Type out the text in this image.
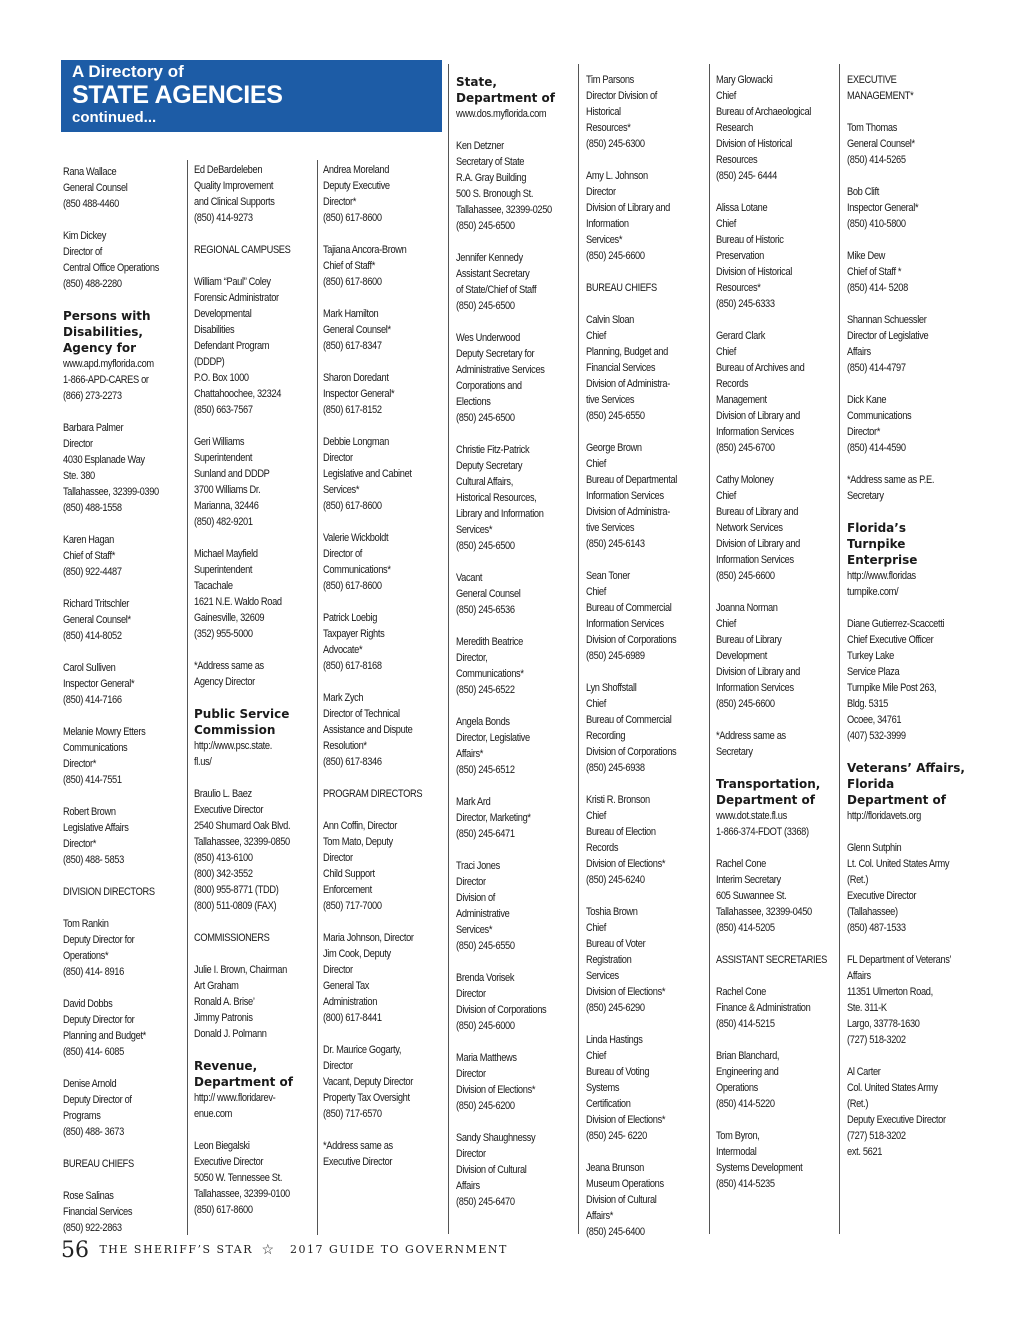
A Directory of
STATE AGENCIES
continued...
Rana Wallace
General Counsel
(850 488-4460
Kim Dickey
Director of
Central Office Operations
(850) 488-2280
Persons with
Disabilities,
Agency for
www.apd.myflorida.com
1-866-APD-CARES or
(866) 273-2273
Barbara Palmer
Director
4030 Esplanade Way
Ste. 380
Tallahassee, 32399-0390
(850) 488-1558
Karen Hagan
Chief of Staff*
(850) 922-4487
Richard Tritschler
General Counsel*
(850) 414-8052
Carol Sulliven
Inspector General*
(850) 414-7166
Melanie Mowry Etters
Communications
Director*
(850) 414-7551
Robert Brown
Legislative Affairs
Director*
(850) 488- 5853
DIVISION DIRECTORS
Tom Rankin
Deputy Director for
Operations*
(850) 414- 8916
David Dobbs
Deputy Director for
Planning and Budget*
(850) 414- 6085
Denise Arnold
Deputy Director of
Programs
(850) 488- 3673
BUREAU CHIEFS
Rose Salinas
Financial Services
(850) 922-2863
Ed DeBardeleben
Quality Improvement
and Clinical Supports
(850) 414-9273
REGIONAL CAMPUSES
William “Paul” Coley
Forensic Administrator
Developmental
Disabilities
Defendant Program
(DDDP)
P.O. Box 1000
Chattahoochee, 32324
(850) 663-7567
Geri Williams
Superintendent
Sunland and DDDP
3700 Williams Dr.
Marianna, 32446
(850) 482-9201
Michael Mayfield
Superintendent
Tacachale
1621 N.E. Waldo Road
Gainesville, 32609
(352) 955-5000
*Address same as
Agency Director
Public Service
Commission
http://www.psc.state.
fl.us/
Braulio L. Baez
Executive Director
2540 Shumard Oak Blvd.
Tallahassee, 32399-0850
(850) 413-6100
(800) 342-3552
(800) 955-8771 (TDD)
(800) 511-0809 (FAX)
COMMISSIONERS
Julie I. Brown, Chairman
Art Graham
Ronald A. Brise’
Jimmy Patronis
Donald J. Polmann
Revenue,
Department of
http:// www.floridarev-
enue.com
Leon Biegalski
Executive Director
5050 W. Tennessee St.
Tallahassee, 32399-0100
(850) 617-8600
Andrea Moreland
Deputy Executive
Director*
(850) 617-8600
Tajiana Ancora-Brown
Chief of Staff*
(850) 617-8600
Mark Hamilton
General Counsel*
(850) 617-8347
Sharon Doredant
Inspector General*
(850) 617-8152
Debbie Longman
Director
Legislative and Cabinet
Services*
(850) 617-8600
Valerie Wickboldt
Director of
Communications*
(850) 617-8600
Patrick Loebig
Taxpayer Rights
Advocate*
(850) 617-8168
Mark Zych
Director of Technical
Assistance and Dispute
Resolution*
(850) 617-8346
PROGRAM DIRECTORS
Ann Coffin, Director
Tom Mato, Deputy
Director
Child Support
Enforcement
(850) 717-7000
Maria Johnson, Director
Jim Cook, Deputy
Director
General Tax
Administration
(800) 617-8441
Dr. Maurice Gogarty,
Director
Vacant, Deputy Director
Property Tax Oversight
(850) 717-6570
*Address same as
Executive Director
State,
Department of
www.dos.myflorida.com
Ken Detzner
Secretary of State
R.A. Gray Building
500 S. Bronough St.
Tallahassee, 32399-0250
(850) 245-6500
Jennifer Kennedy
Assistant Secretary
of State/Chief of Staff
(850) 245-6500
Wes Underwood
Deputy Secretary for
Administrative Services
Corporations and
Elections
(850) 245-6500
Christie Fitz-Patrick
Deputy Secretary
Cultural Affairs,
Historical Resources,
Library and Information
Services*
(850) 245-6500
Vacant
General Counsel
(850) 245-6536
Meredith Beatrice
Director,
Communications*
(850) 245-6522
Angela Bonds
Director, Legislative
Affairs*
(850) 245-6512
Mark Ard
Director, Marketing*
(850) 245-6471
Traci Jones
Director
Division of
Administrative
Services*
(850) 245-6550
Brenda Vorisek
Director
Division of Corporations
(850) 245-6000
Maria Matthews
Director
Division of Elections*
(850) 245-6200
Sandy Shaughnessy
Director
Division of Cultural
Affairs
(850) 245-6470
Tim Parsons
Director Division of
Historical
Resources*
(850) 245-6300
Amy L. Johnson
Director
Division of Library and
Information
Services*
(850) 245-6600
BUREAU CHIEFS
Calvin Sloan
Chief
Planning, Budget and
Financial Services
Division of Administra-
tive Services
(850) 245-6550
George Brown
Chief
Bureau of Departmental
Information Services
Division of Administra-
tive Services
(850) 245-6143
Sean Toner
Chief
Bureau of Commercial
Information Services
Division of Corporations
(850) 245-6989
Lyn Shoffstall
Chief
Bureau of Commercial
Recording
Division of Corporations
(850) 245-6938
Kristi R. Bronson
Chief
Bureau of Election
Records
Division of Elections*
(850) 245-6240
Toshia Brown
Chief
Bureau of Voter
Registration
Services
Division of Elections*
(850) 245-6290
Linda Hastings
Chief
Bureau of Voting
Systems
Certification
Division of Elections*
(850) 245- 6220
Jeana Brunson
Museum Operations
Division of Cultural
Affairs*
(850) 245-6400
Mary Glowacki
Chief
Bureau of Archaeological
Research
Division of Historical
Resources
(850) 245- 6444
Alissa Lotane
Chief
Bureau of Historic
Preservation
Division of Historical
Resources*
(850) 245-6333
Gerard Clark
Chief
Bureau of Archives and
Records
Management
Division of Library and
Information Services
(850) 245-6700
Cathy Moloney
Chief
Bureau of Library and
Network Services
Division of Library and
Information Services
(850) 245-6600
Joanna Norman
Chief
Bureau of Library
Development
Division of Library and
Information Services
(850) 245-6600
*Address same as
Secretary
Transportation,
Department of
www.dot.state.fl.us
1-866-374-FDOT (3368)
Rachel Cone
Interim Secretary
605 Suwannee St.
Tallahassee, 32399-0450
(850) 414-5205
ASSISTANT SECRETARIES
Rachel Cone
Finance & Administration
(850) 414-5215
Brian Blanchard,
Engineering and
Operations
(850) 414-5220
Tom Byron,
Intermodal
Systems Development
(850) 414-5235
EXECUTIVE
MANAGEMENT*
Tom Thomas
General Counsel*
(850) 414-5265
Bob Clift
Inspector General*
(850) 410-5800
Mike Dew
Chief of Staff *
(850) 414- 5208
Shannan Schuessler
Director of Legislative
Affairs
(850) 414-4797
Dick Kane
Communications
Director*
(850) 414-4590
*Address same as P.E.
Secretary
Florida’s
Turnpike
Enterprise
http://www.floridas
turnpike.com/
Diane Gutierrez-Scaccetti
Chief Executive Officer
Turkey Lake
Service Plaza
Turnpike Mile Post 263,
Bldg. 5315
Ocoee, 34761
(407) 532-3999
Veterans’ Affairs,
Florida
Department of
http://floridavets.org
Glenn Sutphin
Lt. Col. United States Army
(Ret.)
Executive Director
(Tallahassee)
(850) 487-1533
FL Department of Veterans’
Affairs
11351 Ulmerton Road,
Ste. 311-K
Largo, 33778-1630
(727) 518-3202
Al Carter
Col. United States Army
(Ret.)
Deputy Executive Director
(727) 518-3202
ext. 5621
56 $^{THE SHERIFF’S STAR}$ ☆ $^{2017 GUIDE TO GOVERNMENT}$
